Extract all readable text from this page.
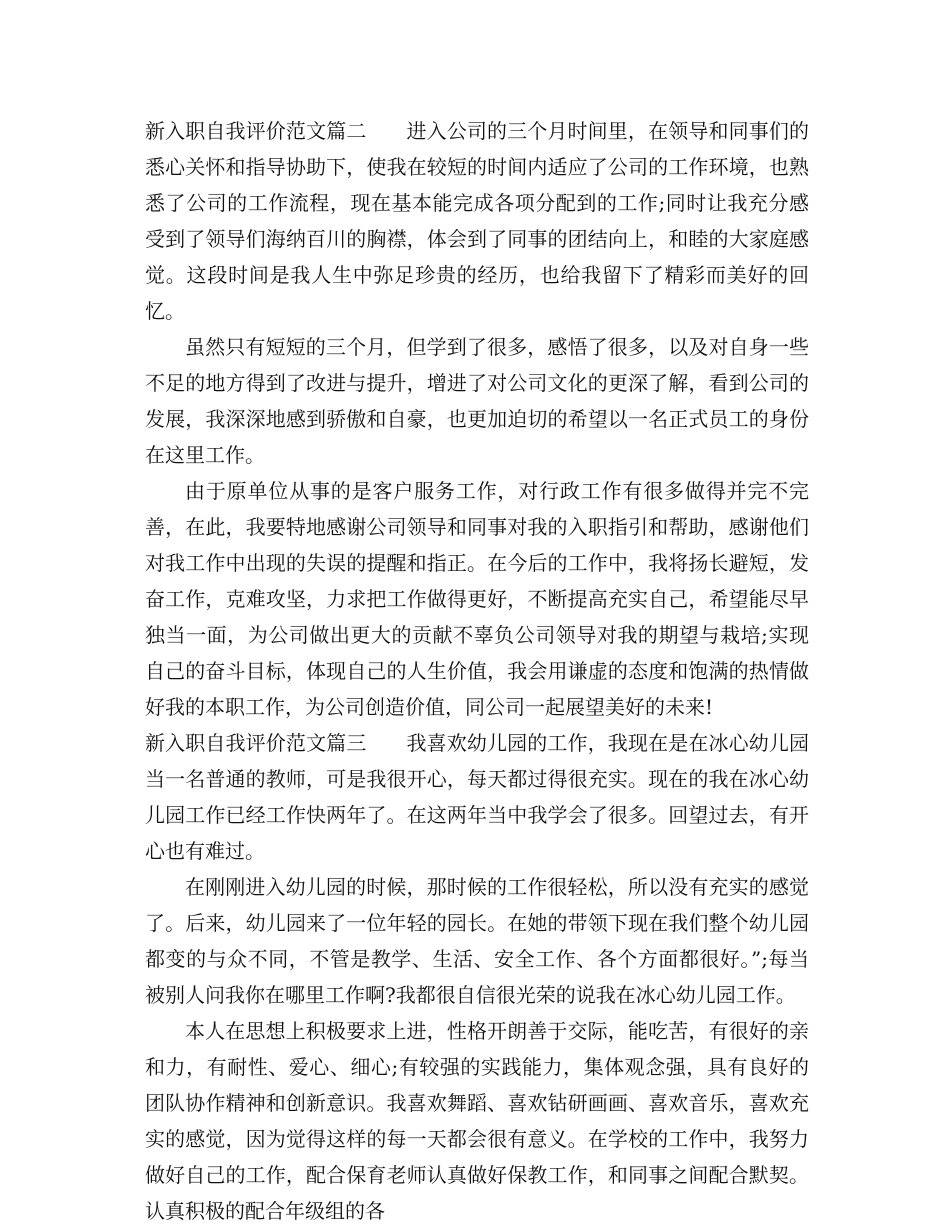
新入职自我评价范文篇二 进入公司的三个月时间里，在领导和同事们的悉心关怀和指导协助下，使我在较短的时间内适应了公司的工作环境，也熟悉了公司的工作流程，现在基本能完成各项分配到的工作;同时让我充分感受到了领导们海纳百川的胸襟，体会到了同事的团结向上，和睦的大家庭感觉。这段时间是我人生中弥足珍贵的经历，也给我留下了精彩而美好的回忆。

虽然只有短短的三个月，但学到了很多，感悟了很多，以及对自身一些不足的地方得到了改进与提升，增进了对公司文化的更深了解，看到公司的发展，我深深地感到骄傲和自豪，也更加迫切的希望以一名正式员工的身份在这里工作。

由于原单位从事的是客户服务工作，对行政工作有很多做得并完不完善，在此，我要特地感谢公司领导和同事对我的入职指引和帮助，感谢他们对我工作中出现的失误的提醒和指正。在今后的工作中，我将扬长避短，发奋工作，克难攻坚，力求把工作做得更好，不断提高充实自己，希望能尽早独当一面，为公司做出更大的贡献不辜负公司领导对我的期望与栽培;实现自己的奋斗目标，体现自己的人生价值，我会用谦虚的态度和饱满的热情做好我的本职工作，为公司创造价值，同公司一起展望美好的未来!

新入职自我评价范文篇三 我喜欢幼儿园的工作，我现在是在冰心幼儿园当一名普通的教师，可是我很开心，每天都过得很充实。现在的我在冰心幼儿园工作已经工作快两年了。在这两年当中我学会了很多。回望过去，有开心也有难过。

在刚刚进入幼儿园的时候，那时候的工作很轻松，所以没有充实的感觉了。后来，幼儿园来了一位年轻的园长。在她的带领下现在我们整个幼儿园都变的与众不同，不管是教学、生活、安全工作、各个方面都很好。”;每当被别人问我你在哪里工作啊?我都很自信很光荣的说我在冰心幼儿园工作。

本人在思想上积极要求上进，性格开朗善于交际，能吃苦，有很好的亲和力，有耐性、爱心、细心;有较强的实践能力，集体观念强，具有良好的团队协作精神和创新意识。我喜欢舞蹈、喜欢钻研画画、喜欢音乐，喜欢充实的感觉，因为觉得这样的每一天都会很有意义。在学校的工作中，我努力做好自己的工作，配合保育老师认真做好保教工作，和同事之间配合默契。认真积极的配合年级组的各
